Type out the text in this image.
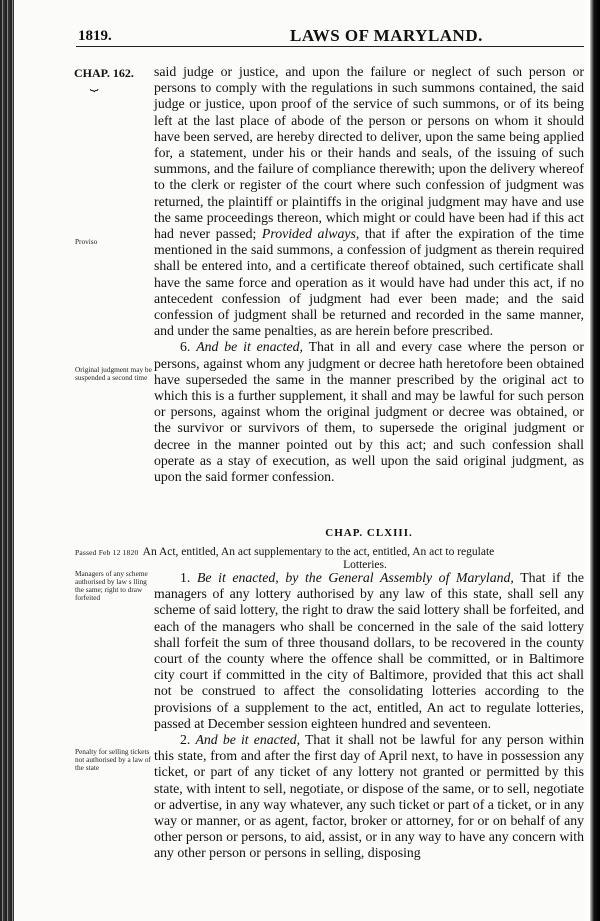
1819.	LAWS OF MARYLAND.
CHAP. 162.
⏟
Proviso
Original judgment may be suspended a second time
Managers of any scheme authorised by law s lling the same; right to draw forfeited
Penalty for selling tickets not authorised by a law of the state

said judge or justice, and upon the failure or neglect of such person or persons to comply with the regulations in such summons contained, the said judge or justice, upon proof of the service of such summons, or of its being left at the last place of abode of the person or persons on whom it should have been served, are hereby directed to deliver, upon the same being applied for, a statement, under his or their hands and seals, of the issuing of such summons, and the failure of compliance therewith; upon the delivery whereof to the clerk or register of the court where such confession of judgment was returned, the plaintiff or plaintiffs in the original judgment may have and use the same proceedings thereon, which might or could have been had if this act had never passed; Provided always, that if after the expiration of the time mentioned in the said summons, a confession of judgment as therein required shall be entered into, and a certificate thereof obtained, such certificate shall have the same force and operation as it would have had under this act, if no antecedent confession of judgment had ever been made; and the said confession of judgment shall be returned and recorded in the same manner, and under the same penalties, as are herein before prescribed.

6. And be it enacted, That in all and every case where the person or persons, against whom any judgment or decree hath heretofore been obtained have superseded the same in the manner prescribed by the original act to which this is a further supplement, it shall and may be lawful for such person or persons, against whom the original judgment or decree was obtained, or the survivor or survivors of them, to supersede the original judgment or decree in the manner pointed out by this act; and such confession shall operate as a stay of execution, as well upon the said original judgment, as upon the said former confession.

CHAP. CLXIII.
Passed Feb 12 1820 An Act, entitled, An act supplementary to the act, entitled, An act to regulate
Lotteries.

1. Be it enacted, by the General Assembly of Maryland, That if the managers of any lottery authorised by any law of this state, shall sell any scheme of said lottery, the right to draw the said lottery shall be forfeited, and each of the managers who shall be concerned in the sale of the said lottery shall forfeit the sum of three thousand dollars, to be recovered in the county court of the county where the offence shall be committed, or in Baltimore city court if committed in the city of Baltimore, provided that this act shall not be construed to affect the consolidating lotteries according to the provisions of a supplement to the act, entitled, An act to regulate lotteries, passed at December session eighteen hundred and seventeen.

2. And be it enacted, That it shall not be lawful for any person within this state, from and after the first day of April next, to have in possession any ticket, or part of any ticket of any lottery not granted or permitted by this state, with intent to sell, negotiate, or dispose of the same, or to sell, negotiate or advertise, in any way whatever, any such ticket or part of a ticket, or in any way or manner, or as agent, factor, broker or attorney, for or on behalf of any other person or persons, to aid, assist, or in any way to have any concern with any other person or persons in selling, disposing
